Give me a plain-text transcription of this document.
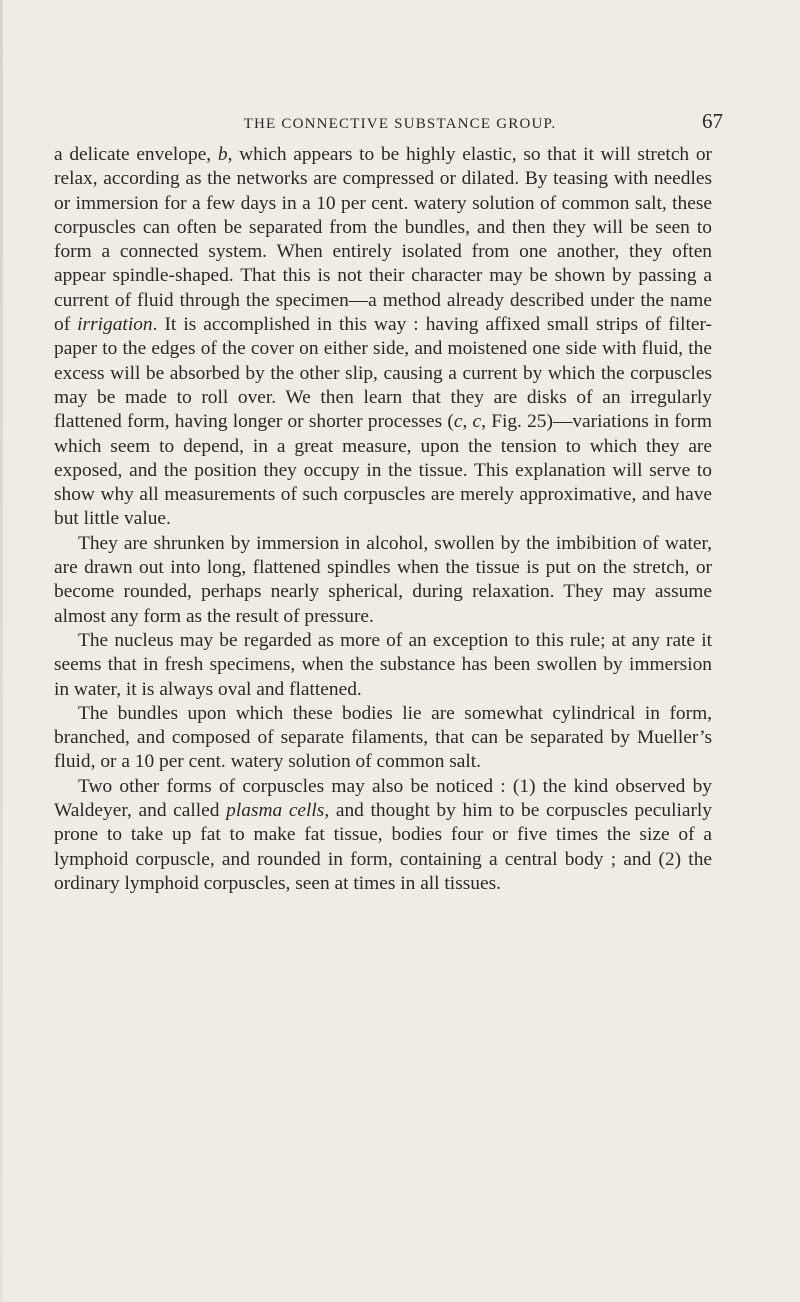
THE CONNECTIVE SUBSTANCE GROUP.	67

a delicate envelope, b, which appears to be highly elastic, so that it will stretch or relax, according as the networks are compressed or dilated. By teasing with needles or immersion for a few days in a 10 per cent. watery solution of common salt, these corpuscles can often be separated from the bundles, and then they will be seen to form a connected system. When entirely isolated from one another, they often appear spindle-shaped. That this is not their character may be shown by passing a current of fluid through the specimen—a method already described under the name of irrigation. It is accomplished in this way : having affixed small strips of filter-paper to the edges of the cover on either side, and moistened one side with fluid, the excess will be absorbed by the other slip, causing a current by which the corpuscles may be made to roll over. We then learn that they are disks of an irregularly flattened form, having longer or shorter processes (c, c, Fig. 25)—variations in form which seem to depend, in a great measure, upon the tension to which they are exposed, and the position they occupy in the tissue. This explanation will serve to show why all measurements of such corpuscles are merely approximative, and have but little value.

They are shrunken by immersion in alcohol, swollen by the imbibition of water, are drawn out into long, flattened spindles when the tissue is put on the stretch, or become rounded, perhaps nearly spherical, during relaxation. They may assume almost any form as the result of pressure.

The nucleus may be regarded as more of an exception to this rule; at any rate it seems that in fresh specimens, when the substance has been swollen by immersion in water, it is always oval and flattened.

The bundles upon which these bodies lie are somewhat cylindrical in form, branched, and composed of separate filaments, that can be separated by Mueller’s fluid, or a 10 per cent. watery solution of common salt.

Two other forms of corpuscles may also be noticed : (1) the kind observed by Waldeyer, and called plasma cells, and thought by him to be corpuscles peculiarly prone to take up fat to make fat tissue, bodies four or five times the size of a lymphoid corpuscle, and rounded in form, containing a central body ; and (2) the ordinary lymphoid corpuscles, seen at times in all tissues.
